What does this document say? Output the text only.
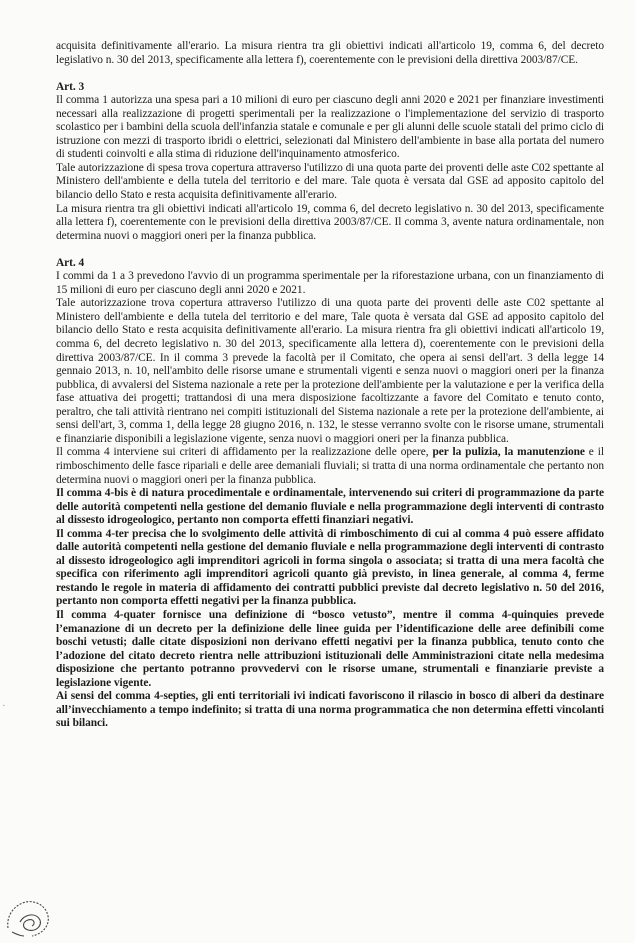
acquisita definitivamente all'erario. La misura rientra tra gli obiettivi indicati all'articolo 19, comma 6, del decreto legislativo n. 30 del 2013, specificamente alla lettera f), coerentemente con le previsioni della direttiva 2003/87/CE.

Art. 3

Il comma 1 autorizza una spesa pari a 10 milioni di euro per ciascuno degli anni 2020 e 2021 per finanziare investimenti necessari alla realizzazione di progetti sperimentali per la realizzazione o l'implementazione del servizio di trasporto scolastico per i bambini della scuola dell'infanzia statale e comunale e per gli alunni delle scuole statali del primo ciclo di istruzione con mezzi di trasporto ibridi o elettrici, selezionati dal Ministero dell'ambiente in base alla portata del numero di studenti coinvolti e alla stima di riduzione dell'inquinamento atmosferico.

Tale autorizzazione di spesa trova copertura attraverso l'utilizzo di una quota parte dei proventi delle aste C02 spettante al Ministero dell'ambiente e della tutela del territorio e del mare. Tale quota è versata dal GSE ad apposito capitolo del bilancio dello Stato e resta acquisita definitivamente all'erario.

La misura rientra tra gli obiettivi indicati all'articolo 19, comma 6, del decreto legislativo n. 30 del 2013, specificamente alla lettera f), coerentemente con le previsioni della direttiva 2003/87/CE. Il comma 3, avente natura ordinamentale, non determina nuovi o maggiori oneri per la finanza pubblica.

Art. 4

I commi da 1 a 3 prevedono l'avvio di un programma sperimentale per la riforestazione urbana, con un finanziamento di 15 milioni di euro per ciascuno degli anni 2020 e 2021.

Tale autorizzazione trova copertura attraverso l'utilizzo di una quota parte dei proventi delle aste C02 spettante al Ministero dell'ambiente e della tutela del territorio e del mare, Tale quota è versata dal GSE ad apposito capitolo del bilancio dello Stato e resta acquisita definitivamente all'erario. La misura rientra fra gli obiettivi indicati all'articolo 19, comma 6, del decreto legislativo n. 30 del 2013, specificamente alla lettera d), coerentemente con le previsioni della direttiva 2003/87/CE. In il comma 3 prevede la facoltà per il Comitato, che opera ai sensi dell'art. 3 della legge 14 gennaio 2013, n. 10, nell'ambito delle risorse umane e strumentali vigenti e senza nuovi o maggiori oneri per la finanza pubblica, di avvalersi del Sistema nazionale a rete per la protezione dell'ambiente per la valutazione e per la verifica della fase attuativa dei progetti; trattandosi di una mera disposizione facoltizzante a favore del Comitato e tenuto conto, peraltro, che tali attività rientrano nei compiti istituzionali del Sistema nazionale a rete per la protezione dell'ambiente, ai sensi dell'art, 3, comma 1, della legge 28 giugno 2016, n. 132, le stesse verranno svolte con le risorse umane, strumentali e finanziarie disponibili a legislazione vigente, senza nuovi o maggiori oneri per la finanza pubblica.

Il comma 4 interviene sui criteri di affidamento per la realizzazione delle opere, per la pulizia, la manutenzione e il rimboschimento delle fasce ripariali e delle aree demaniali fluviali; si tratta di una norma ordinamentale che pertanto non determina nuovi o maggiori oneri per la finanza pubblica.

Il comma 4-bis è di natura procedimentale e ordinamentale, intervenendo sui criteri di programmazione da parte delle autorità competenti nella gestione del demanio fluviale e nella programmazione degli interventi di contrasto al dissesto idrogeologico, pertanto non comporta effetti finanziari negativi.

Il comma 4-ter precisa che lo svolgimento delle attività di rimboschimento di cui al comma 4 può essere affidato dalle autorità competenti nella gestione del demanio fluviale e nella programmazione degli interventi di contrasto al dissesto idrogeologico agli imprenditori agricoli in forma singola o associata; si tratta di una mera facoltà che specifica con riferimento agli imprenditori agricoli quanto già previsto, in linea generale, al comma 4, ferme restando le regole in materia di affidamento dei contratti pubblici previste dal decreto legislativo n. 50 del 2016, pertanto non comporta effetti negativi per la finanza pubblica.

Il comma 4-quater fornisce una definizione di “bosco vetusto”, mentre il comma 4-quinquies prevede l’emanazione di un decreto per la definizione delle linee guida per l’identificazione delle aree definibili come boschi vetusti; dalle citate disposizioni non derivano effetti negativi per la finanza pubblica, tenuto conto che l’adozione del citato decreto rientra nelle attribuzioni istituzionali delle Amministrazioni citate nella medesima disposizione che pertanto potranno provvedervi con le risorse umane, strumentali e finanziarie previste a legislazione vigente.

Ai sensi del comma 4-septies, gli enti territoriali ivi indicati favoriscono il rilascio in bosco di alberi da destinare all’invecchiamento a tempo indefinito; si tratta di una norma programmatica che non determina effetti vincolanti sui bilanci.

·
